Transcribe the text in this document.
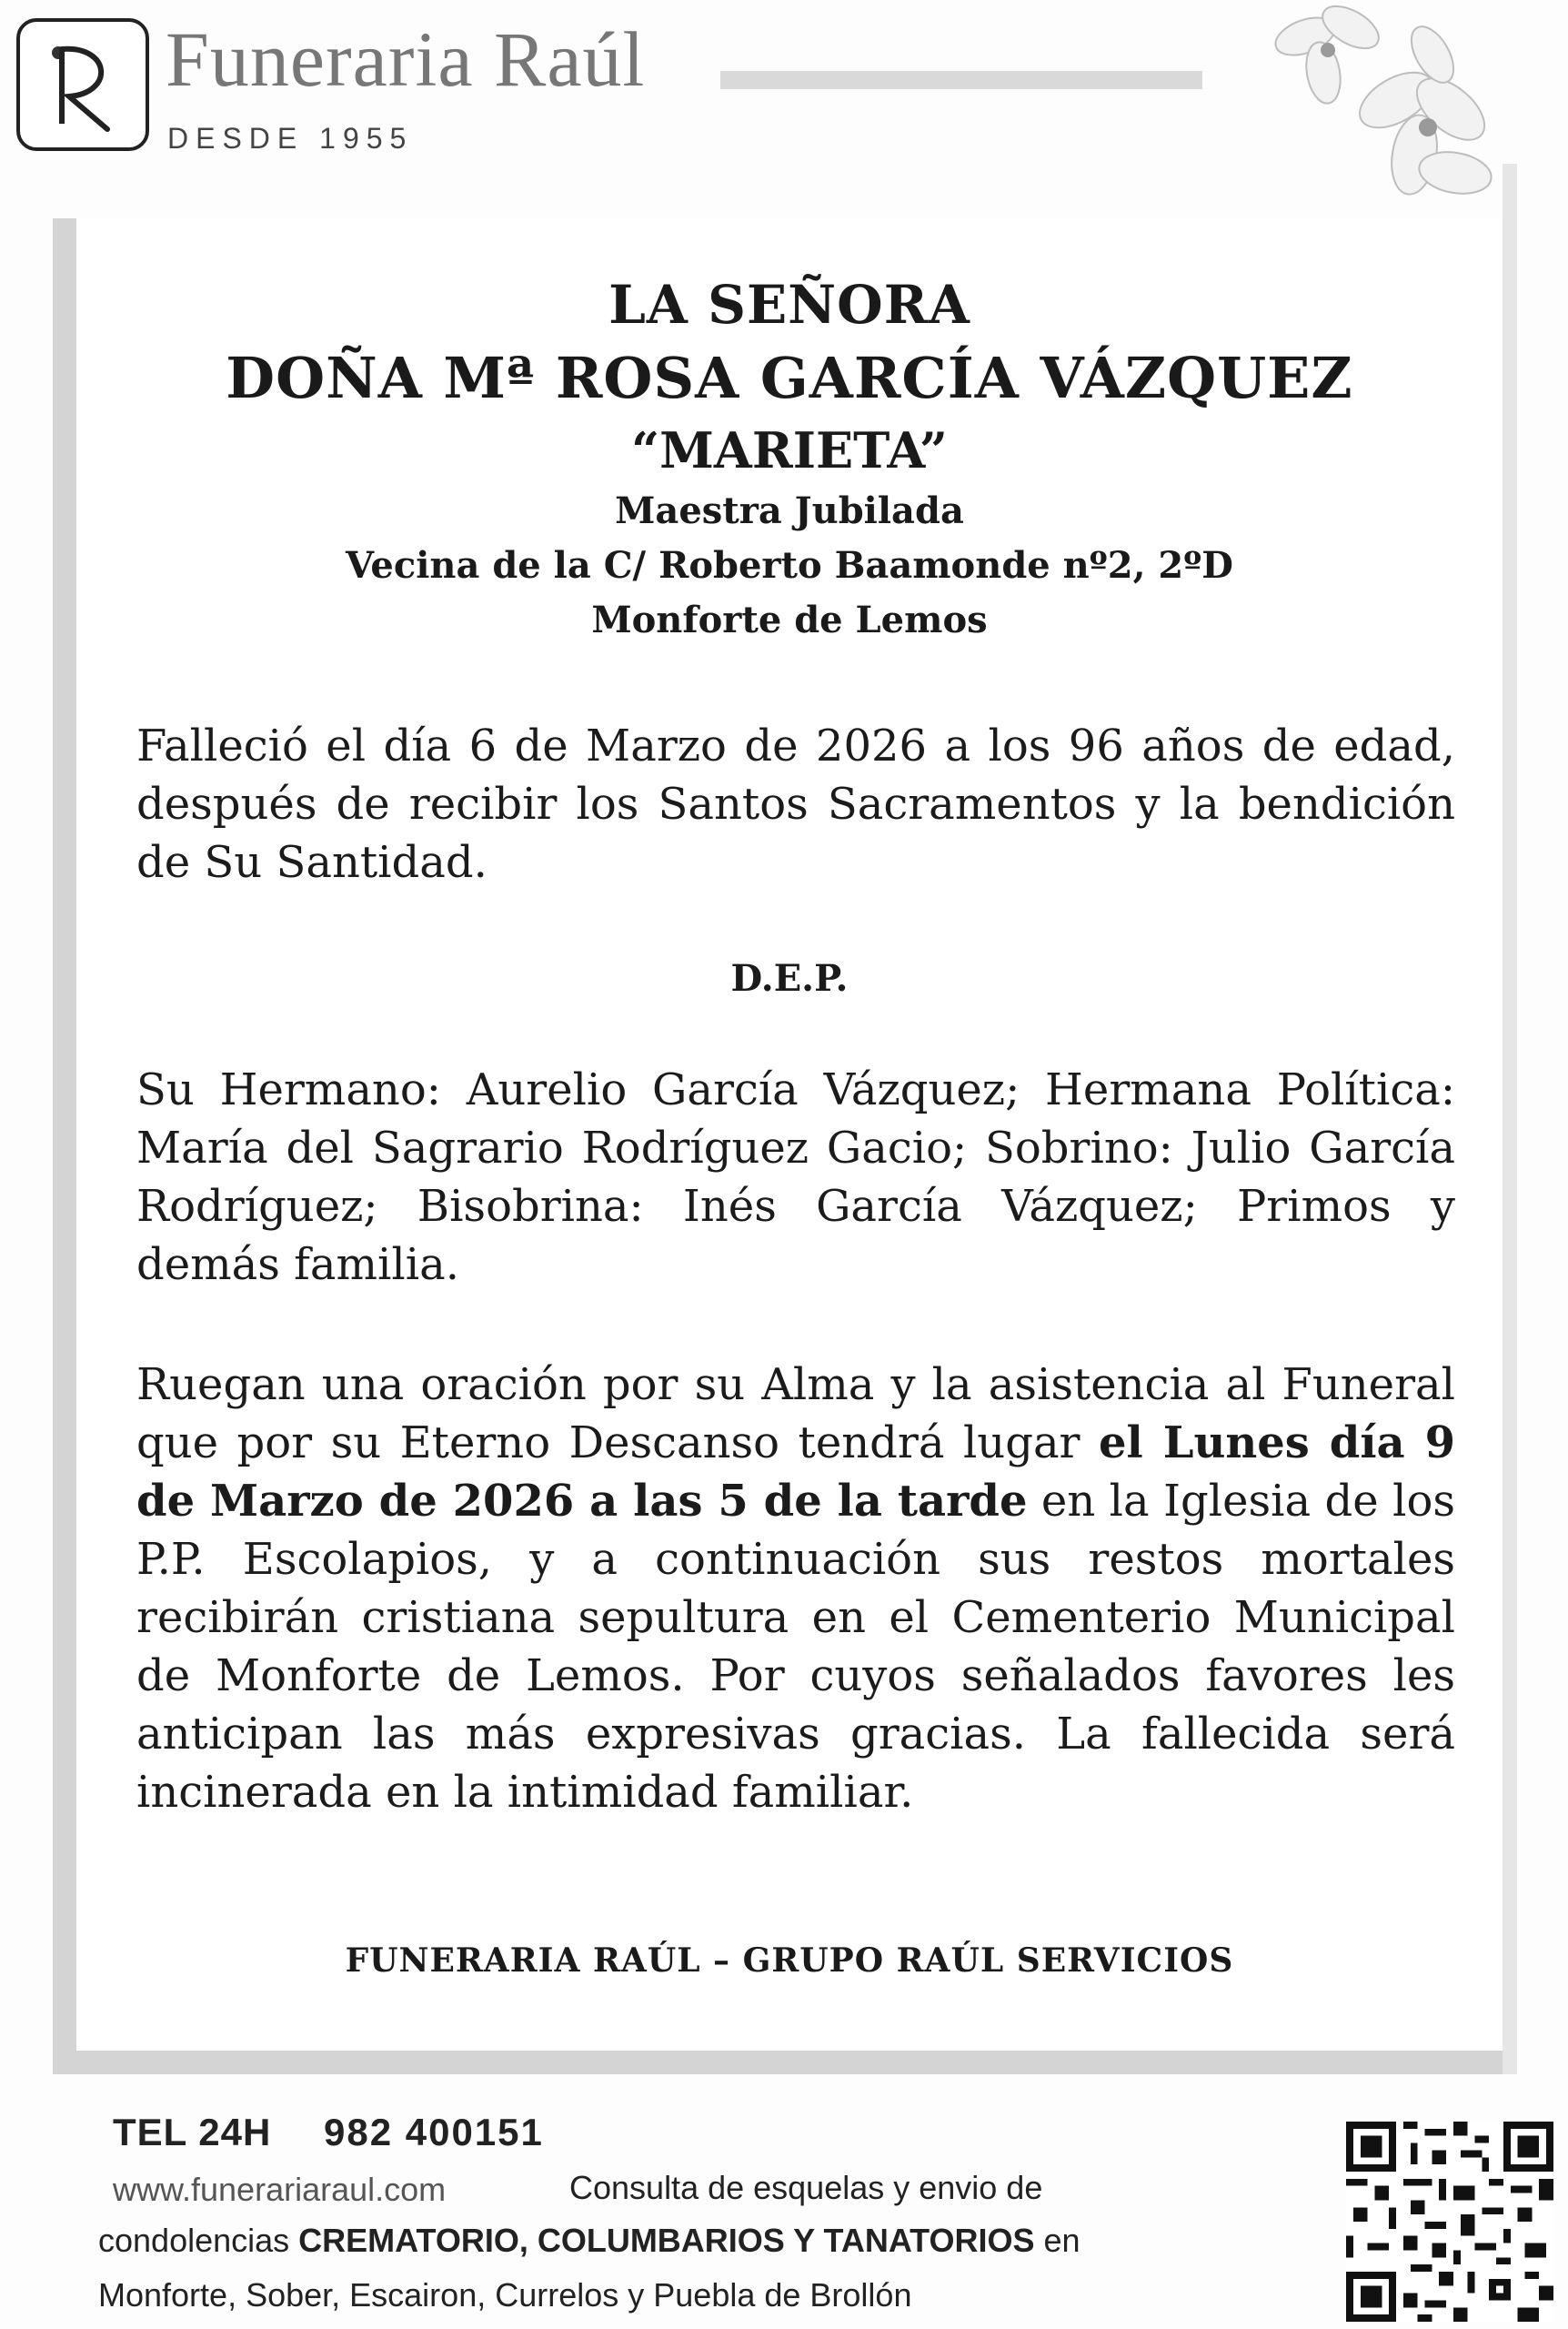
Funeraria Raúl
DESDE 1955
LA SEÑORA
DOÑA Mª ROSA GARCÍA VÁZQUEZ
“MARIETA”
Maestra Jubilada
Vecina de la C/ Roberto Baamonde nº2, 2ºD
Monforte de Lemos
Falleció el día 6 de Marzo de 2026 a los 96 años de edad, después de recibir los Santos Sacramentos y la bendición de Su Santidad.
D.E.P.
Su Hermano: Aurelio García Vázquez; Hermana Política: María del Sagrario Rodríguez Gacio; Sobrino: Julio García Rodríguez; Bisobrina: Inés García Vázquez; Primos y demás familia.
Ruegan una oración por su Alma y la asistencia al Funeral que por su Eterno Descanso tendrá lugar el Lunes día 9 de Marzo de 2026 a las 5 de la tarde en la Iglesia de los P.P. Escolapios, y a continuación sus restos mortales recibirán cristiana sepultura en el Cementerio Municipal de Monforte de Lemos. Por cuyos señalados favores les anticipan las más expresivas gracias. La fallecida será incinerada en la intimidad familiar.
FUNERARIA RAÚL – GRUPO RAÚL SERVICIOS
TEL 24H 982 400151
www.funerariaraul.com	Consulta de esquelas y envio de
condolencias CREMATORIO, COLUMBARIOS Y TANATORIOS en
Monforte, Sober, Escairon, Currelos y Puebla de Brollón
